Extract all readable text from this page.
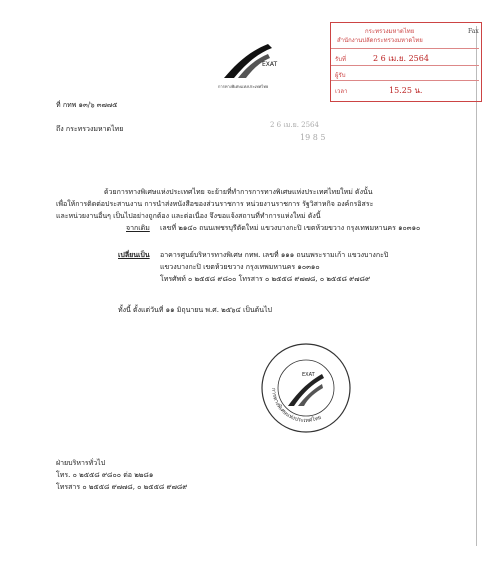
Fax
กระทรวงมหาดไทย
สำนักงานปลัดกระทรวงมหาดไทย
รับที่	2 6 เม.ย. 2564
ผู้รับ
เวลา	15.25 น.
EXAT
การทางพิเศษแห่งประเทศไทย
2 6 เม.ย. 2564
19 8 5
ที่ กทพ ๑๓/๖ ๓๗๗๕
ถึง กระทรวงมหาดไทย
ด้วยการทางพิเศษแห่งประเทศไทย จะย้ายที่ทำการการทางพิเศษแห่งประเทศไทยใหม่ ดังนั้น
เพื่อให้การติดต่อประสานงาน การนำส่งหนังสือของส่วนราชการ หน่วยงานราชการ รัฐวิสาหกิจ องค์กรอิสระ
และหน่วยงานอื่นๆ เป็นไปอย่างถูกต้อง และต่อเนื่อง จึงขอแจ้งสถานที่ทำการแห่งใหม่ ดังนี้
จากเดิม เลขที่ ๒๑๔๐ ถนนเพชรบุรีตัดใหม่ แขวงบางกะปิ เขตห้วยขวาง กรุงเทพมหานคร ๑๐๓๑๐
เปลี่ยนเป็น อาคารศูนย์บริหารทางพิเศษ กทพ. เลขที่ ๑๑๑ ถนนพระรามเก้า แขวงบางกะปิ
แขวงบางกะปิ เขตห้วยขวาง กรุงเทพมหานคร ๑๐๓๑๐
โทรศัพท์ ๐ ๒๕๕๘ ๙๘๐๐ โทรสาร ๐ ๒๕๕๘ ๙๗๗๘, ๐ ๒๕๕๘ ๙๗๘๙
ทั้งนี้ ตั้งแต่วันที่ ๑๑ มิถุนายน พ.ศ. ๒๕๖๔ เป็นต้นไป
EXAT
การทางพิเศษแห่งประเทศไทย
ฝ่ายบริหารทั่วไป
โทร. ๐ ๒๕๕๘ ๙๘๐๐ ต่อ ๒๒๘๑
โทรสาร ๐ ๒๕๕๘ ๙๗๗๘, ๐ ๒๕๕๘ ๙๗๘๙
